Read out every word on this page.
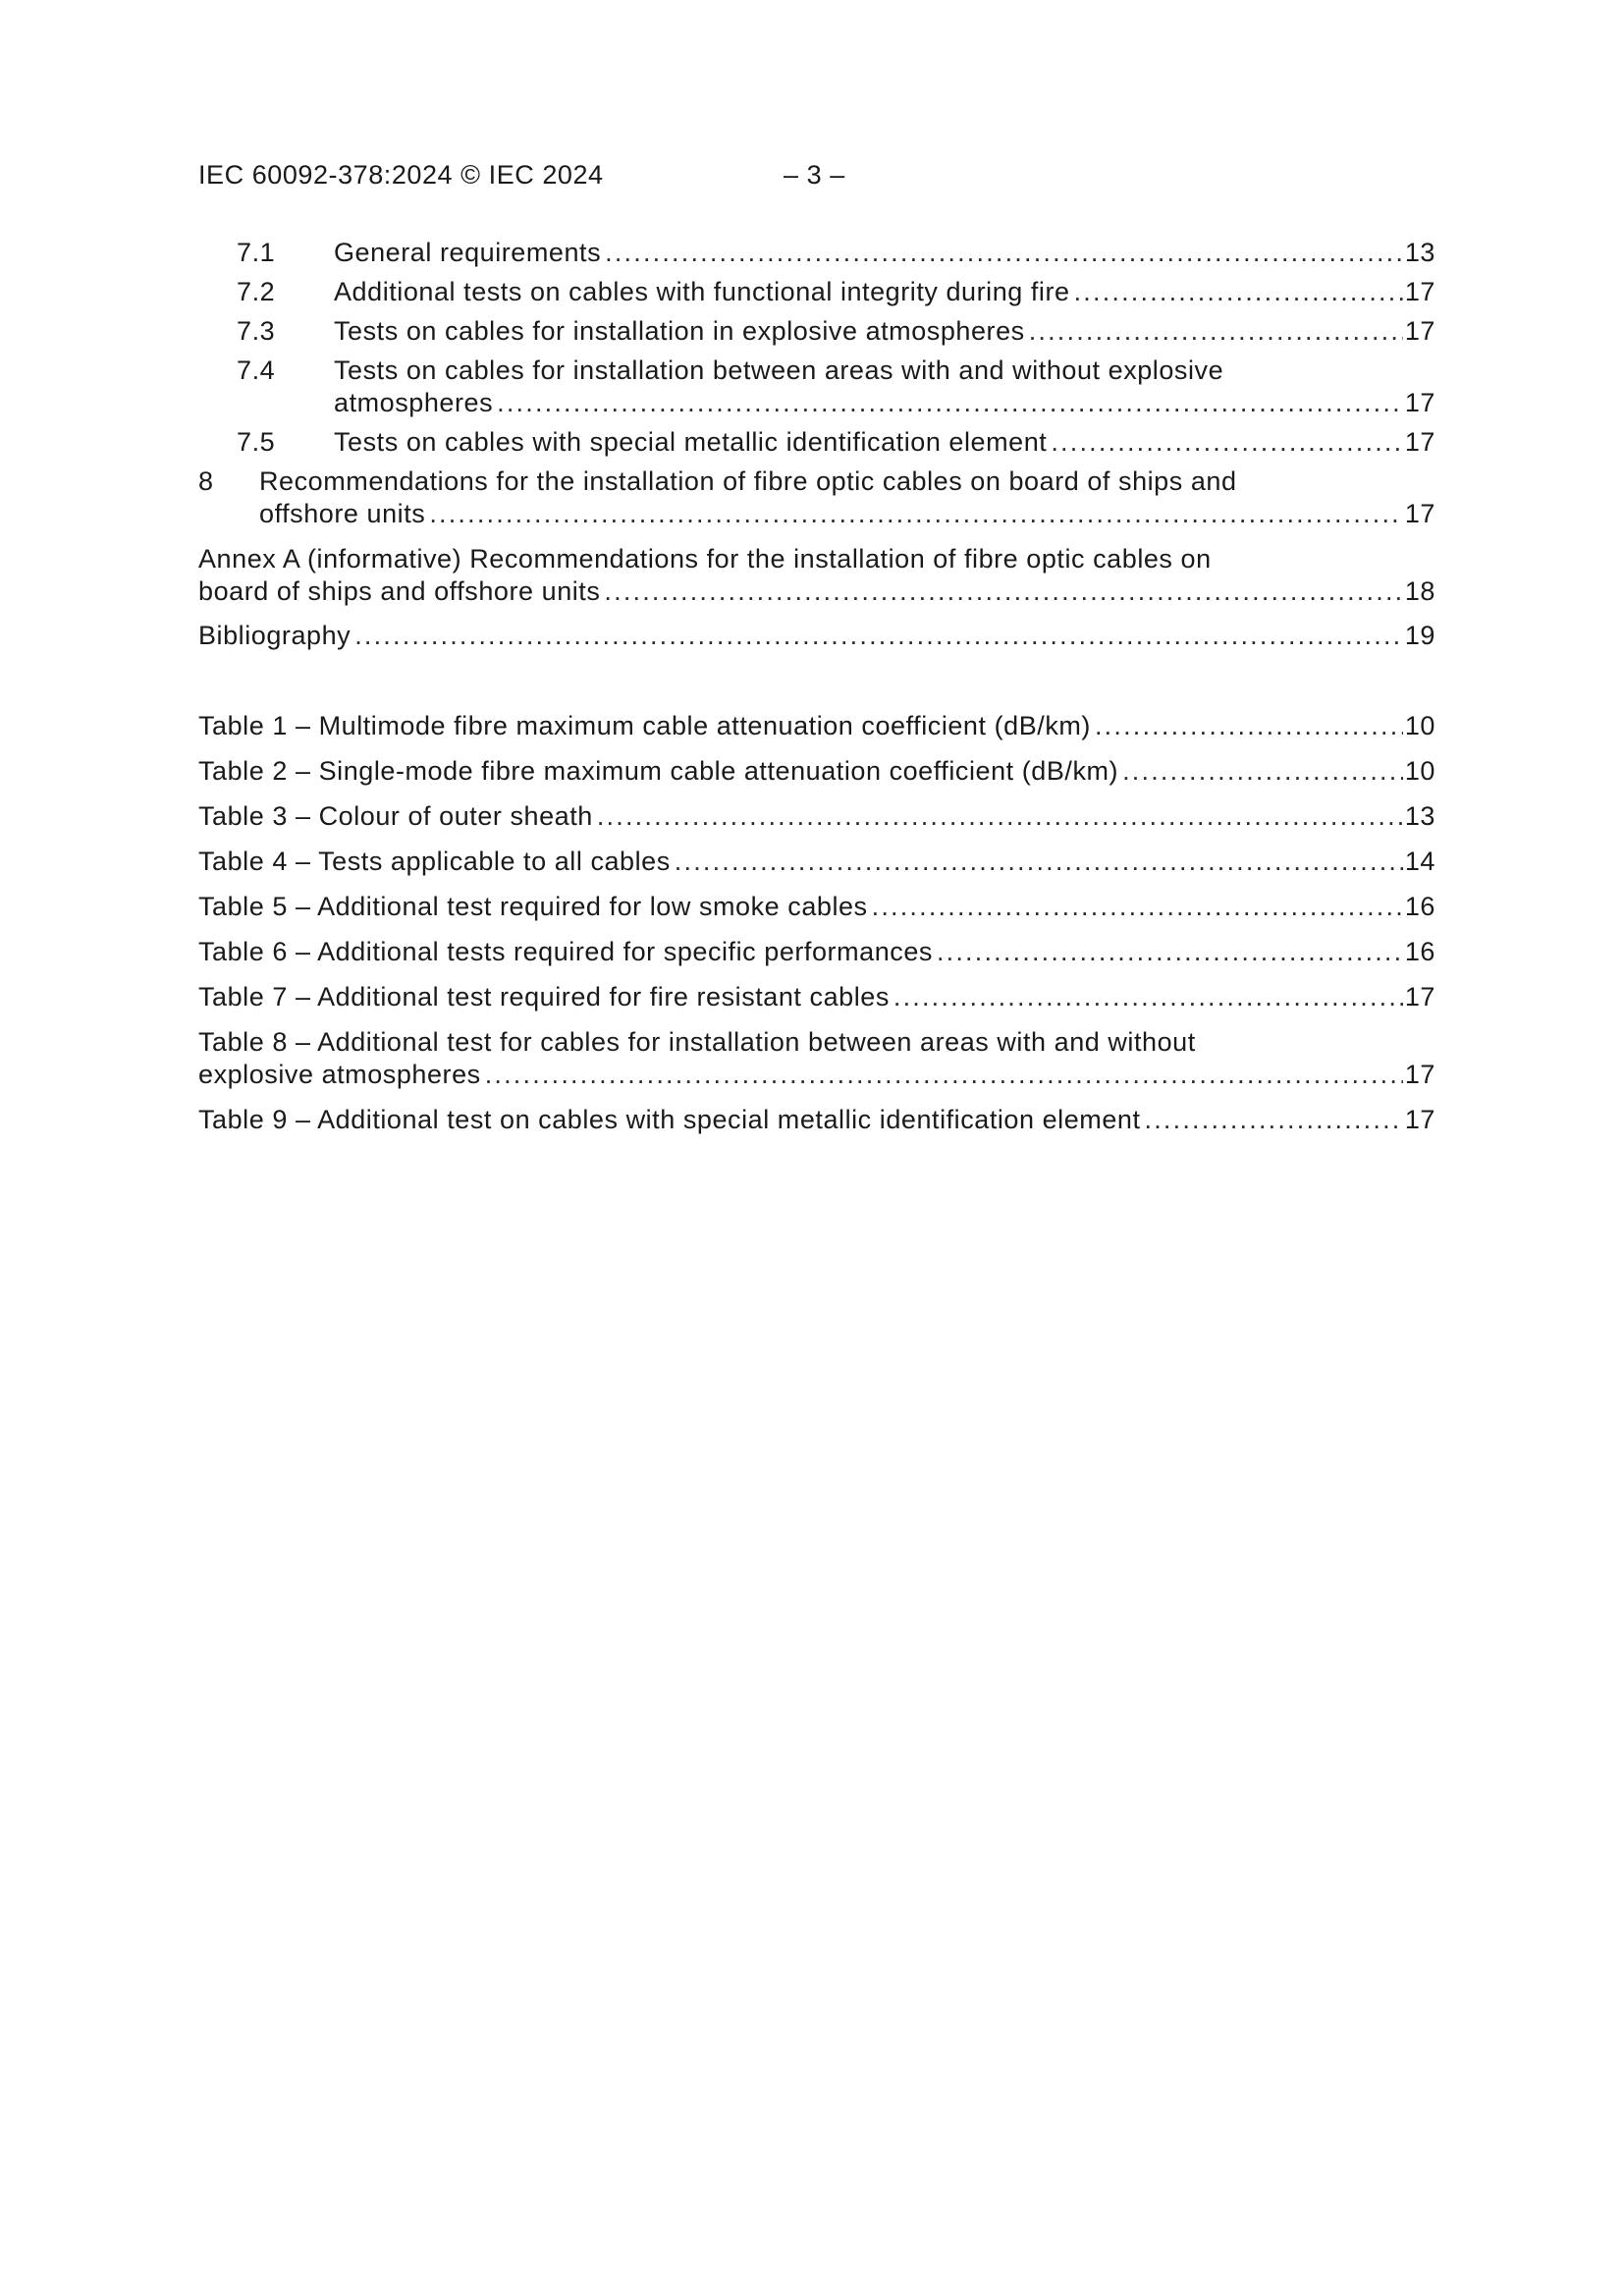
IEC 60092-378:2024 © IEC 2024	– 3 –
7.1 General requirements .....	13
7.2 Additional tests on cables with functional integrity during fire .....	17
7.3 Tests on cables for installation in explosive atmospheres .....	17
7.4 Tests on cables for installation between areas with and without explosive
atmospheres .....	17
7.5 Tests on cables with special metallic identification element .....	17
8 Recommendations for the installation of fibre optic cables on board of ships and
offshore units .....	17
Annex A (informative) Recommendations for the installation of fibre optic cables on
board of ships and offshore units .....	18
Bibliography .....	19
Table 1 – Multimode fibre maximum cable attenuation coefficient (dB/km) .....	10
Table 2 – Single-mode fibre maximum cable attenuation coefficient (dB/km) .....	10
Table 3 – Colour of outer sheath .....	13
Table 4 – Tests applicable to all cables .....	14
Table 5 – Additional test required for low smoke cables .....	16
Table 6 – Additional tests required for specific performances .....	16
Table 7 – Additional test required for fire resistant cables .....	17
Table 8 – Additional test for cables for installation between areas with and without
explosive atmospheres .....	17
Table 9 – Additional test on cables with special metallic identification element .....	17
